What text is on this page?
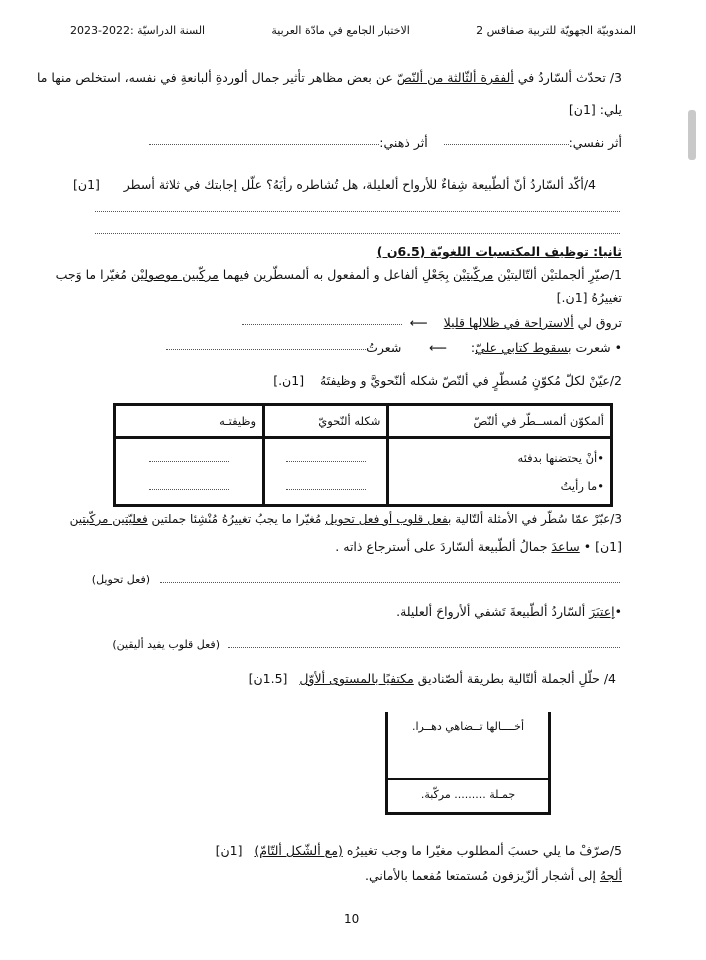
السنة الدراسيّة :2022-2023	الاختبار الجامع في مادّة العربية	المندوبيّة الجهويّة للتربية صفاقس 2
3/ تحدّث ألسّاردُ في ألفقرة ألثّالثة من ألنّصّ عن بعض مظاهر تأثير جمال ألوردةِ ألبانعةِ في نفسه، استخلص منها ما
يلي: [1ن]
أثر نفسي:    أثر ذهني:
4/أكّد ألسّاردُ أنّ ألطّبيعة شِفاءٌ للأرواح ألعليلة، هل تُشاطره رأيَهُ؟ علّل إجابتك في ثلاثة أسطر      [1ن]
ثانيا: توظيف المكتسبات اللغويّة (6.5ن )
1/صيّرِ ألجملتيْن ألتّاليتيْن مركّبتيْن بِجَعْلِ ألفاعل و ألمفعول به ألمسطّرين فيهما مركّبين موصوليْن مُغيّرا ما وَجب
تغييرُهُ [1ن.]
تروق لي ألاستراحة في ظلالها قليلا    ⟵
• شعرت بسقوط كتابي عليّ:      ⟵       شعرتُ
2/عيّنْ لكلّ مُكوّنٍ مُسطّرٍ في ألنّصّ شكله ألنّحويَّ و وظيفتَهُ    [1ن.]
ألمكوّن ألمســطّر في ألنّصّ	شكله ألنّحويّ	وظيفتـه

•أنْ يحتضنها بدفئه
•ما رأيتُ		

3/عبّرْ عمّا سُطّر في الأمثلة ألتّالية بفعل قلوب أو فعل تحويل مُغيّرا ما يجبُ تغييرُهُ مُنْشِئا جملتين فعليّتين مركّبتين
[1ن] • ساعدَ جمالُ ألطّبيعة ألسّاردَ على أسترجاع ذاته .
(فعل تحويل)
•إعتبَرَ ألسّاردُ ألطّبيعةَ تَشفي ألأرواحَ ألعليلة.
(فعل قلوب يفيد أليقين)
4/ حلّلِ ألجملة ألتّالية بطريقة ألصّناديق مكتفيًا بالمستوى ألأوّل   [1.5ن]
أخــــالها تــضاهي دهــرا.
جمـلة ......... مركّبة.
5/صرّفْ ما يلي حسبَ ألمطلوب مغيّرا ما وجب تغييرُه (مع ألشّكل ألتّامّ)   [1ن]
ألجهُ إلى أشجار ألزّيزفون مُستمتعا مُفعما بالأماني.
10
